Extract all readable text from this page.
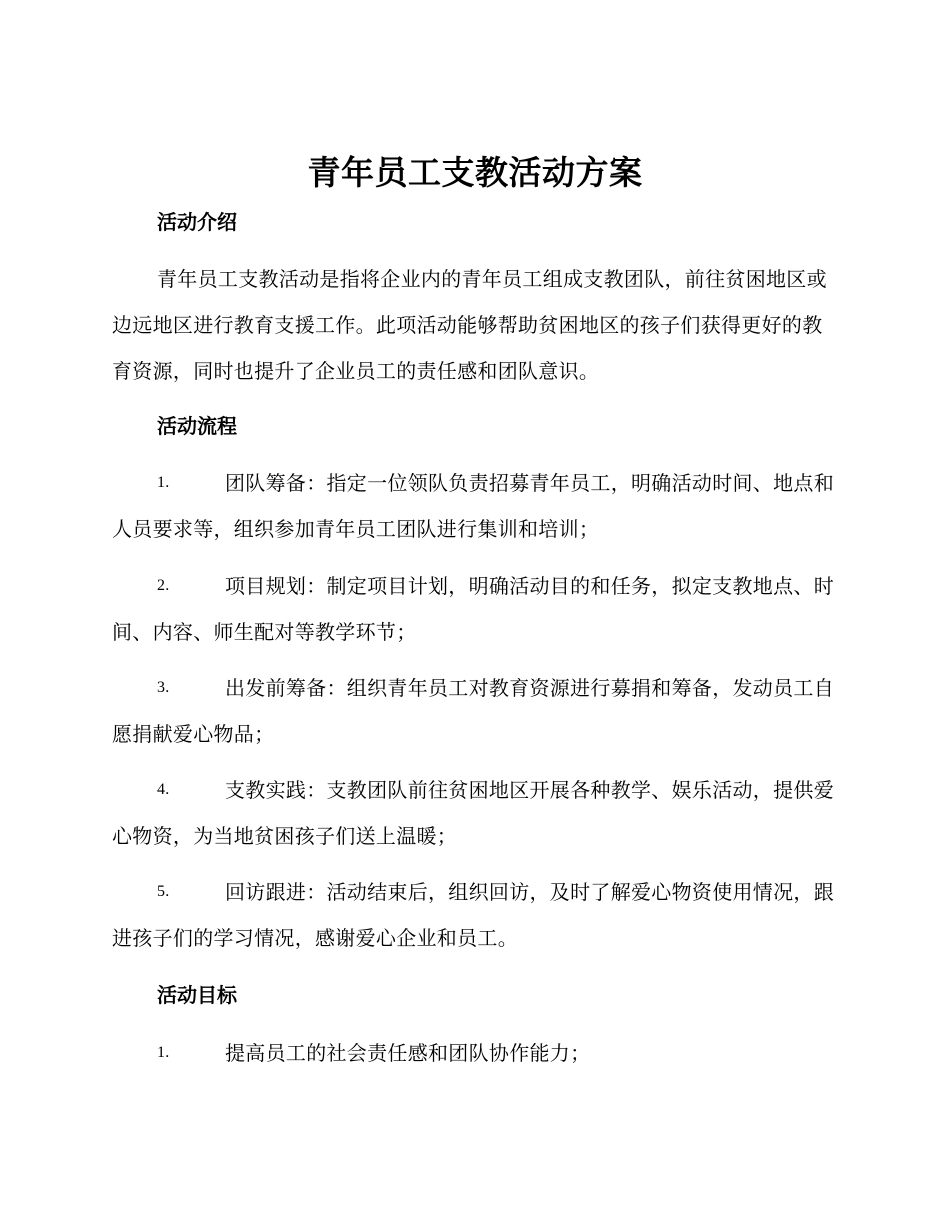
青年员工支教活动方案
活动介绍
青年员工支教活动是指将企业内的青年员工组成支教团队，前往贫困地区或边远地区进行教育支援工作。此项活动能够帮助贫困地区的孩子们获得更好的教育资源，同时也提升了企业员工的责任感和团队意识。
活动流程
1.	团队筹备：指定一位领队负责招募青年员工，明确活动时间、地点和人员要求等，组织参加青年员工团队进行集训和培训；
2.	项目规划：制定项目计划，明确活动目的和任务，拟定支教地点、时间、内容、师生配对等教学环节；
3.	出发前筹备：组织青年员工对教育资源进行募捐和筹备，发动员工自愿捐献爱心物品；
4.	支教实践：支教团队前往贫困地区开展各种教学、娱乐活动，提供爱心物资，为当地贫困孩子们送上温暖；
5.	回访跟进：活动结束后，组织回访，及时了解爱心物资使用情况，跟进孩子们的学习情况，感谢爱心企业和员工。
活动目标
1.	提高员工的社会责任感和团队协作能力；
